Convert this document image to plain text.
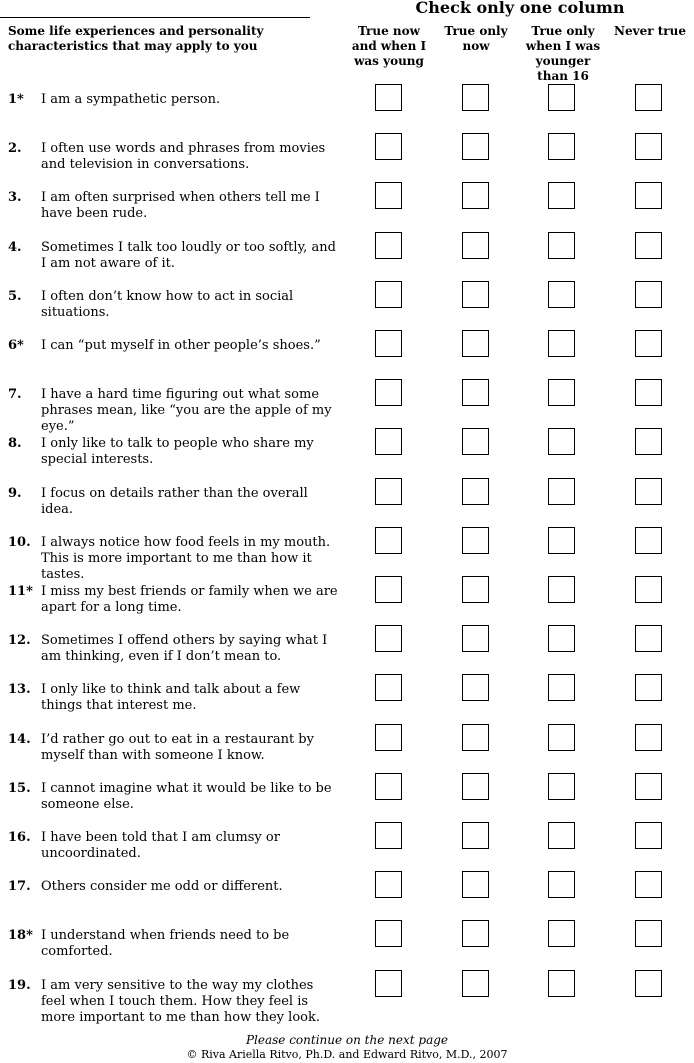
Check only one column
Some life experiences and personality characteristics that may apply to you
True now and when I was young
True only now
True only when I was younger than 16
Never true
1*	I am a sympathetic person.
2.	I often use words and phrases from movies and television in conversations.
3.	I am often surprised when others tell me I have been rude.
4.	Sometimes I talk too loudly or too softly, and I am not aware of it.
5.	I often don’t know how to act in social situations.
6*	I can “put myself in other people’s shoes.”
7.	I have a hard time figuring out what some phrases mean, like “you are the apple of my eye.”
8.	I only like to talk to people who share my special interests.
9.	I focus on details rather than the overall idea.
10. I always notice how food feels in my mouth. This is more important to me than how it tastes.
11* I miss my best friends or family when we are apart for a long time.
12. Sometimes I offend others by saying what I am thinking, even if I don’t mean to.
13. I only like to think and talk about a few things that interest me.
14. I’d rather go out to eat in a restaurant by myself than with someone I know.
15. I cannot imagine what it would be like to be someone else.
16. I have been told that I am clumsy or uncoordinated.
17. Others consider me odd or different.
18* I understand when friends need to be comforted.
19. I am very sensitive to the way my clothes feel when I touch them. How they feel is more important to me than how they look.
Please continue on the next page
© Riva Ariella Ritvo, Ph.D. and Edward Ritvo, M.D., 2007
